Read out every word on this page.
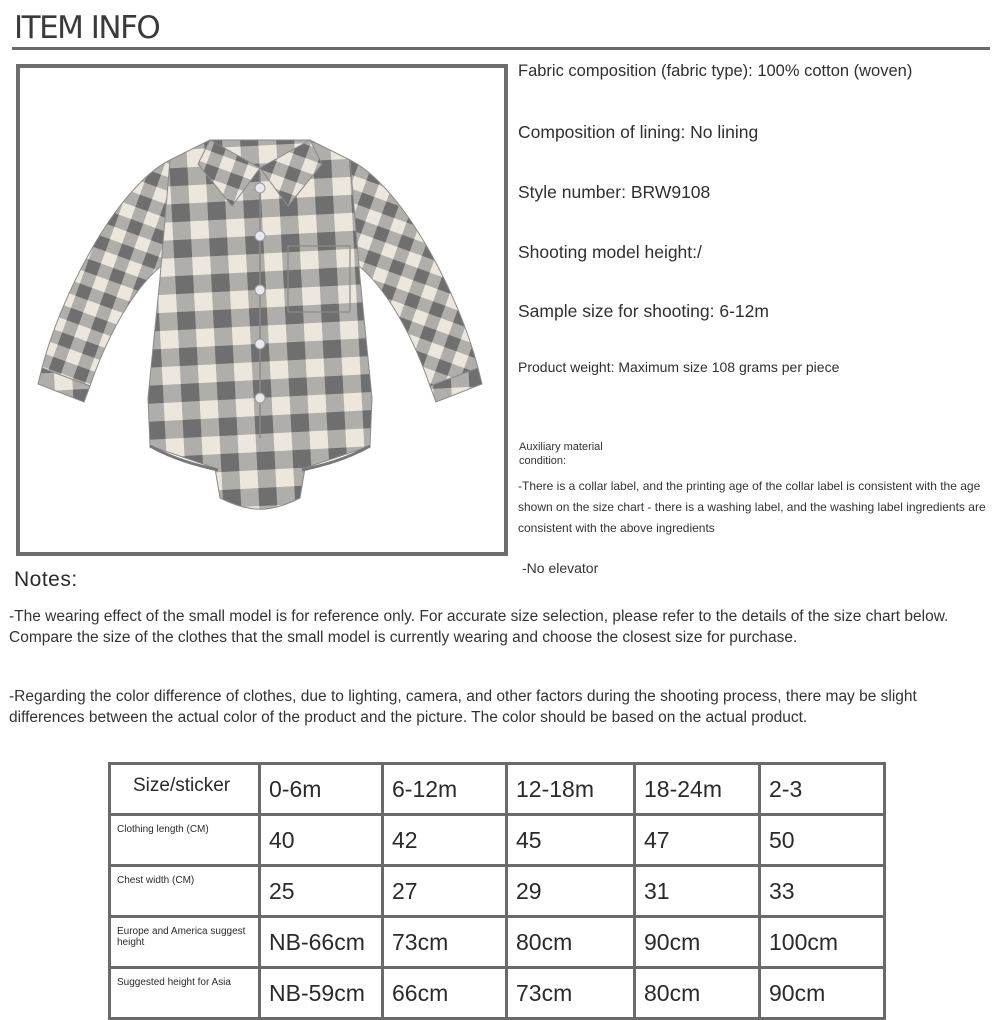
ITEM INFO
Fabric composition (fabric type): 100% cotton (woven)
Composition of lining: No lining
Style number: BRW9108
Shooting model height:/
Sample size for shooting: 6-12m
Product weight: Maximum size 108 grams per piece
Auxiliary material condition:
-There is a collar label, and the printing age of the collar label is consistent with the age shown on the size chart - there is a washing label, and the washing label ingredients are consistent with the above ingredients
-No elevator
Notes:
-The wearing effect of the small model is for reference only. For accurate size selection, please refer to the details of the size chart below. Compare the size of the clothes that the small model is currently wearing and choose the closest size for purchase.
-Regarding the color difference of clothes, due to lighting, camera, and other factors during the shooting process, there may be slight differences between the actual color of the product and the picture. The color should be based on the actual product.
Size/sticker	0-6m	6-12m	12-18m	18-24m	2-3
Clothing length (CM)	40	42	45	47	50
Chest width (CM)	25	27	29	31	33
Europe and America suggest height	NB-66cm	73cm	80cm	90cm	100cm
Suggested height for Asia	NB-59cm	66cm	73cm	80cm	90cm
